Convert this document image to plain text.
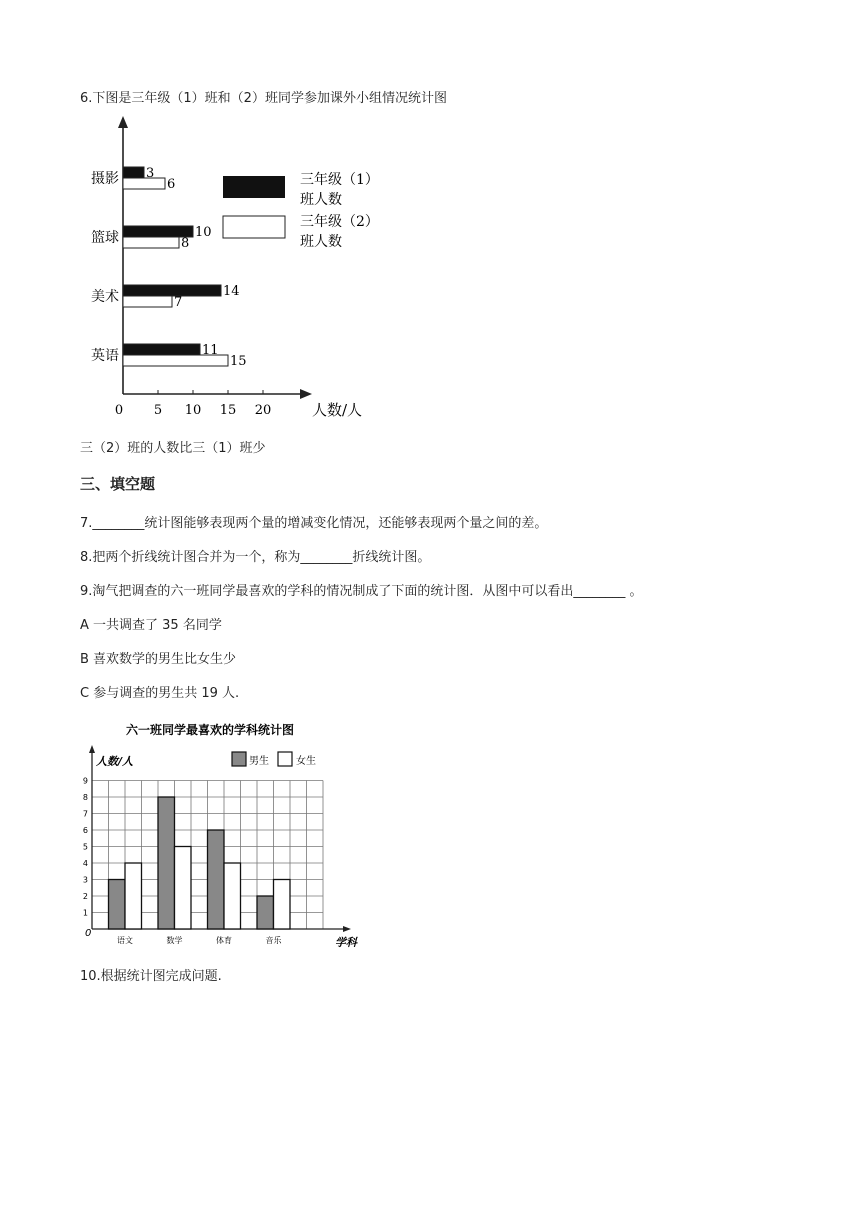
6.下图是三年级（1）班和（2）班同学参加课外小组情况统计图
0 5 10 15 20	人数/人
摄影 3
6
篮球	10
8
美术	14
7
英语	11
15
三年级（1）
班人数
三年级（2）
班人数
三（2）班的人数比三（1）班少
三、填空题
7.________统计图能够表现两个量的增减变化情况，还能够表现两个量之间的差。
8.把两个折线统计图合并为一个，称为________折线统计图。
9.淘气把调查的六一班同学最喜欢的学科的情况制成了下面的统计图．从图中可以看出________ 。
A 一共调查了 35 名同学
B 喜欢数学的男生比女生少
C 参与调查的男生共 19 人.
六一班同学最喜欢的学科统计图
1
2
3
4
5
6
7
8
9
0
人数/人
学科
语文	数学	体育	音乐
男生	女生
10.根据统计图完成问题.
